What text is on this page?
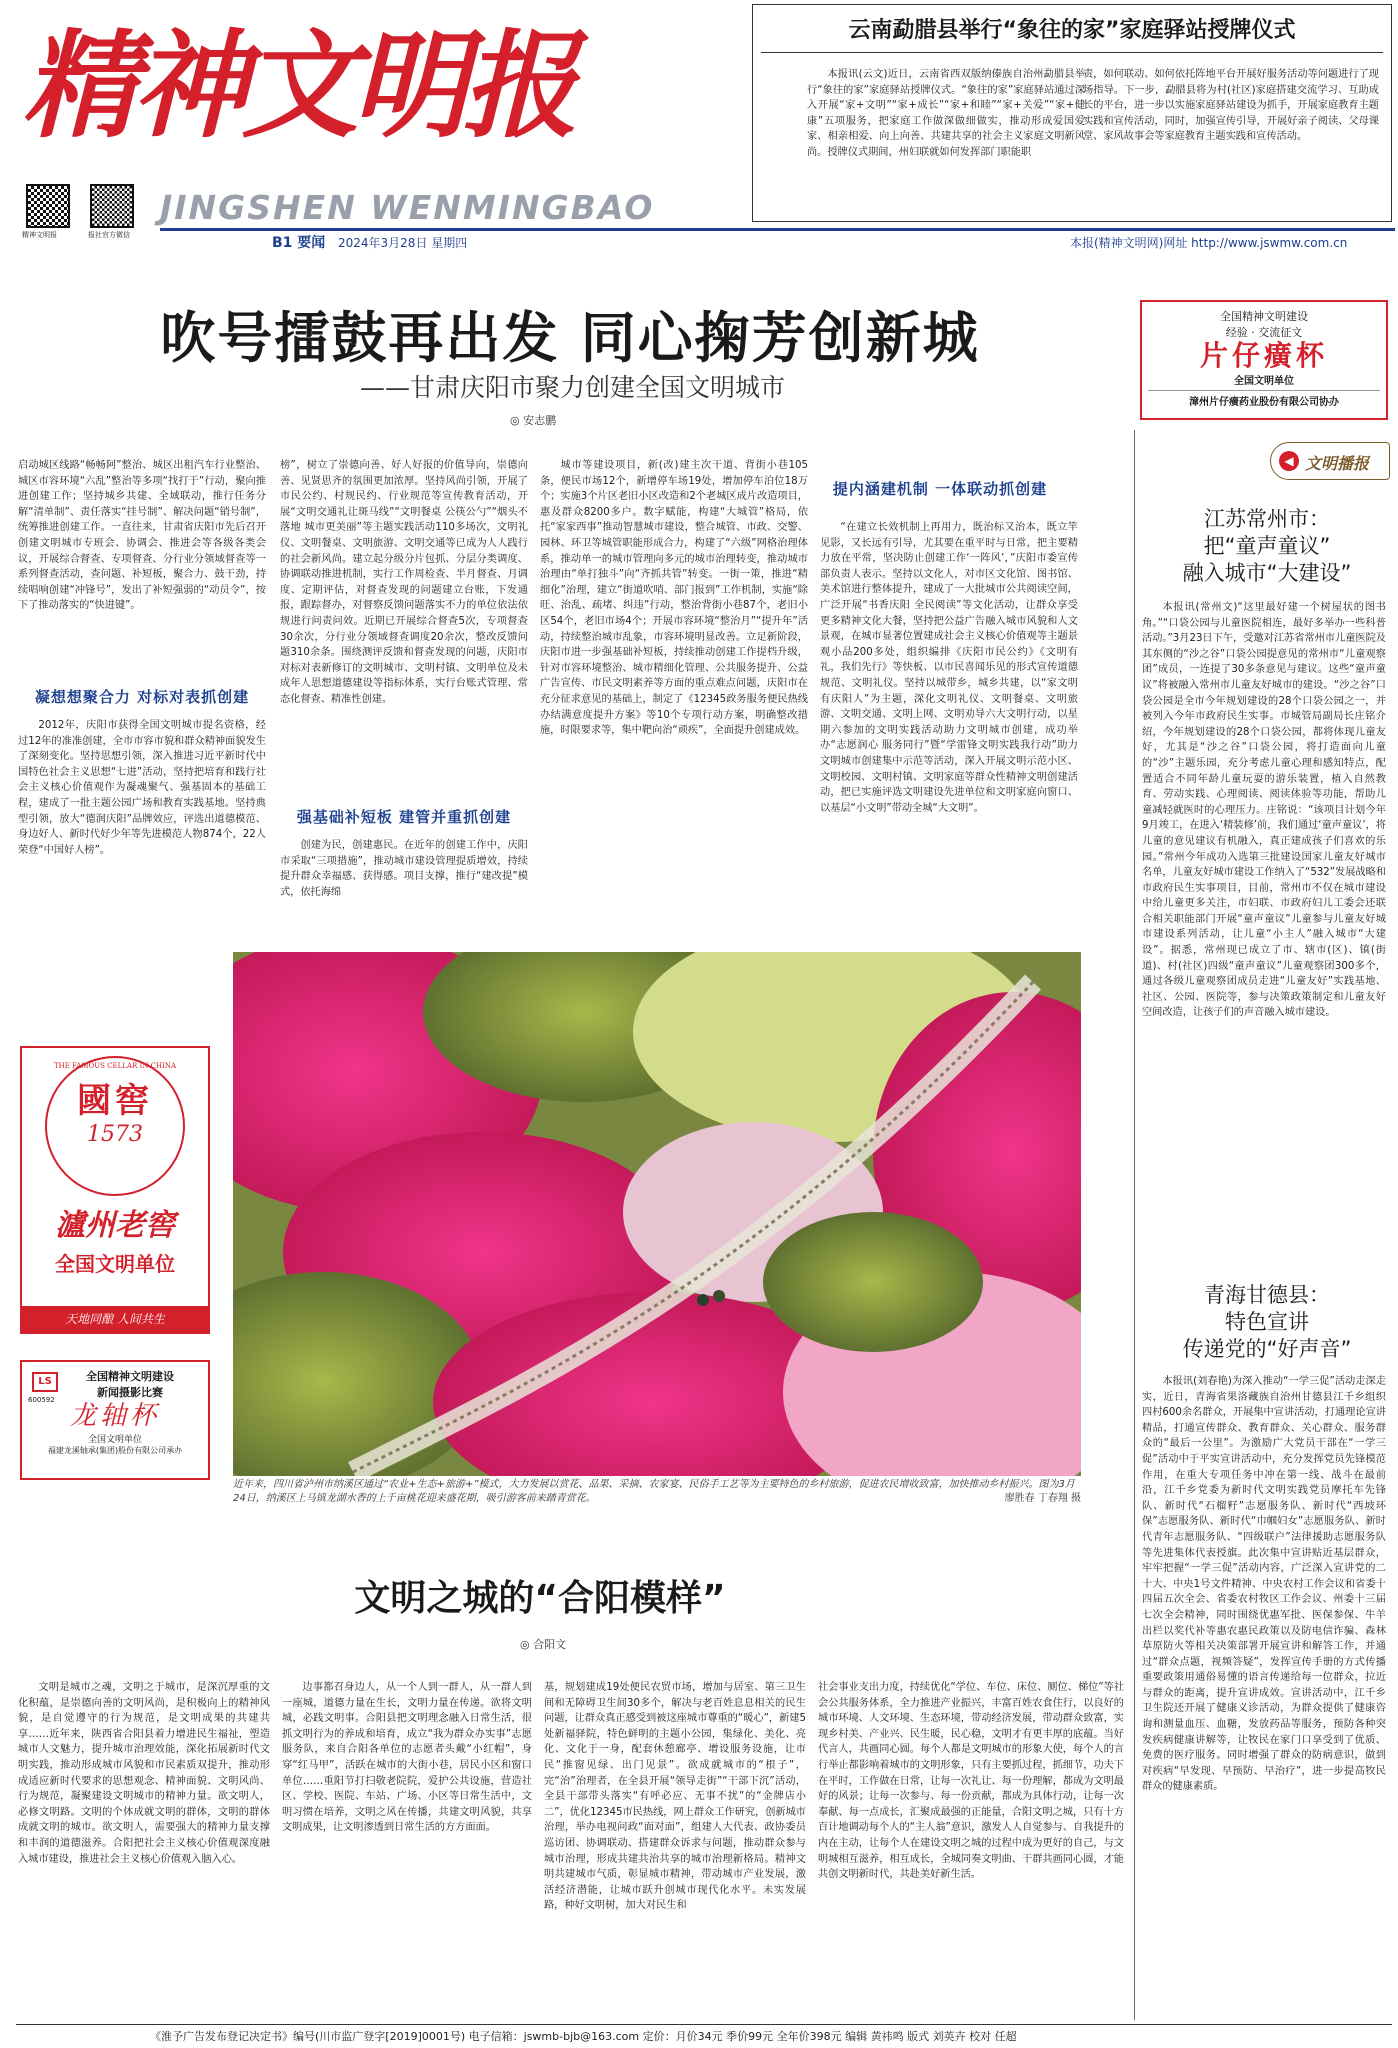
精神文明报
精神文明报	报社官方微信
JINGSHEN WENMINGBAO
B1 要闻 2024年3月28日 星期四	本报(精神文明网)网址 http://www.jswmw.com.cn
云南勐腊县举行“象往的家”家庭驿站授牌仪式
本报讯(云文)近日，云南省西双版纳傣族自治州勐腊县举行“象往的家”家庭驿站授牌仪式。“象往的家”家庭驿站通过深入开展“家+文明”“家+成长”“家+和睦”“家+关爱”“家+健康”五项服务，把家庭工作做深做细做实，推动形成爱国爱家、相亲相爱、向上向善、共建共享的社会主义家庭文明新风尚。授牌仪式期间，州妇联就如何发挥部门职能职
责，如何联动、如何依托阵地平台开展好服务活动等问题进行了现场指导。下一步，勐腊县将为村(社区)家庭搭建交流学习、互助成长的平台，进一步以实施家庭驿站建设为抓手，开展家庭教育主题实践和宣传活动，同时，加强宣传引导，开展好亲子阅读、父母课堂、家风故事会等家庭教育主题实践和宣传活动。
吹号擂鼓再出发 同心掬芳创新城
——甘肃庆阳市聚力创建全国文明城市
◎ 安志鹏
全国精神文明建设
经验 · 交流征文
片仔癀杯
全国文明单位
漳州片仔癀药业股份有限公司协办
启动城区线路“畅畅阿”整治、城区出租汽车行业整治、城区市容环境“六乱”整治等多项“找打于”行动，聚向推进创建工作；坚持城乡共建、全域联动，推行任务分解“清单制”、责任落实“挂号制”、解决问题“销号制”，统筹推进创建工作。一直往来，甘肃省庆阳市先后召开创建文明城市专班会、协调会、推进会等各级各类会议，开展综合督查、专项督查、分行业分领域督查等一系列督查活动，查问题、补短板，聚合力、鼓干劲，持续唱响创建“冲锋号”，发出了补短强弱的“动员令”，按下了推动落实的“快进键”。
凝想想聚合力 对标对表抓创建
2012年，庆阳市获得全国文明城市提名资格，经过12年的准准创建，全市市容市貌和群众精神面貌发生了深刻变化。坚持思想引领，深入推进习近平新时代中国特色社会主义思想“七进”活动，坚持把培育和践行社会主义核心价值观作为凝魂聚气、强基固本的基础工程，建成了一批主题公园广场和教育实践基地。坚持典型引领，放大“德润庆阳”品牌效应，评选出道德模范、身边好人、新时代好少年等先进模范人物874个，22人荣登“中国好人榜”。
榜”，树立了崇德向善、好人好报的价值导向，崇德向善、见贤思齐的氛围更加浓厚。坚持风尚引领，开展了市民公约、村规民约、行业规范等宣传教育活动，开展“文明交通礼让斑马线”“文明餐桌 公筷公勺”“烟头不落地 城市更美丽”等主题实践活动110多场次，文明礼仪、文明餐桌、文明旅游、文明交通等已成为人人践行的社会新风尚。建立起分级分片包抓、分层分类调度、协调联动推进机制，实行工作周检查、半月督查、月调度、定期评估，对督查发现的问题建立台账，下发通报，跟踪督办，对督察反馈问题落实不力的单位依法依规进行问责问效。近期已开展综合督查5次，专项督查30余次，分行业分领域督查调度20余次，整改反馈问题310余条。围绕测评反馈和督查发现的问题，庆阳市对标对表新修订的文明城市、文明村镇、文明单位及未成年人思想道德建设等指标体系，实行台账式管理、常态化督查、精准性创建。
强基础补短板 建管并重抓创建
创建为民，创建惠民。在近年的创建工作中，庆阳市采取“三项措施”，推动城市建设管理提质增效，持续提升群众幸福感、获得感。项目支撑，推行“建改提”模式，依托海绵
城市等建设项目，新(改)建主次干道、背街小巷105条，便民市场12个，新增停车场19处，增加停车泊位18万个；实施3个片区老旧小区改造和2个老城区成片改造项目，惠及群众8200多户。数字赋能，构建“大城管”格局，依托“家家西事”推动智慧城市建设，整合城管、市政、交警、园林、环卫等城管职能形成合力，构建了“六级”网格治理体系，推动单一的城市管理向多元的城市治理转变，推动城市治理由“单打独斗”向“齐抓共管”转变。一街一策，推进“精细化”治理，建立“街道吹哨、部门报到”工作机制，实施“除旺、治乱、疏堵、纠违”行动，整治背街小巷87个，老旧小区54个，老旧市场4个；开展市容环境“整治月”“提升年”活动，持续整治城市乱象，市容环境明显改善。立足新阶段，庆阳市进一步强基础补短板，持续推动创建工作提档升级，针对市容环境整治、城市精细化管理、公共服务提升、公益广告宣传、市民文明素养等方面的重点难点问题，庆阳市在充分征求意见的基础上，制定了《12345政务服务便民热线办结满意度提升方案》等10个专项行动方案，明确整改措施，时限要求等，集中靶向治“顽疾”，全面提升创建成效。
提内涵建机制 一体联动抓创建
“在建立长效机制上再用力，既治标又治本，既立竿见影，又长远有引导，尤其要在重平时与日常，把主要精力放在平常，坚决防止创建工作‘一阵风’，”庆阳市委宣传部负责人表示。坚持以文化人，对市区文化馆、图书馆、美术馆进行整体提升，建成了一大批城市公共阅读空间，广泛开展“书香庆阳 全民阅读”等文化活动，让群众享受更多精神文化大餐，坚持把公益广告融入城市风貌和人文景观，在城市显著位置建成社会主义核心价值观等主题景观小品200多处，组织编排《庆阳市民公约》《文明有礼，我们先行》等快板、以市民喜闻乐见的形式宣传道德规范、文明礼仪。坚持以城带乡，城乡共建，以“家文明有庆阳人”为主题，深化文明礼仪、文明餐桌、文明旅游、文明交通、文明上网、文明劝导六大文明行动，以星期六参加的文明实践活动助力文明城市创建，成功举办“志愿润心 服务同行”暨“学雷锋文明实践我行动”助力文明城市创建集中示范等活动，深入开展文明示范小区、文明校园、文明村镇、文明家庭等群众性精神文明创建活动，把已实施评选文明建设先进单位和文明家庭向窗口、以基层“小文明”带动全城“大文明”。
◀ 文明播报
江苏常州市：
把“童声童议”
融入城市“大建设”
本报讯(常州文)“这里最好建一个树屋状的图书角。”“口袋公园与儿童医院相连，最好多举办一些科普活动。”3月23日下午，受邀对江苏省常州市儿童医院及其东侧的“沙之谷”口袋公园提意见的常州市“儿童观察团”成员，一连提了30多条意见与建议。这些“童声童议”将被融入常州市儿童友好城市的建设。“沙之谷”口袋公园是全市今年规划建设的28个口袋公园之一，并被列入今年市政府民生实事。市城管局副局长庄铭介绍，今年规划建设的28个口袋公园，都将体现儿童友好，尤其是“沙之谷”口袋公园，将打造面向儿童的“沙”主题乐园，充分考虑儿童心理和感知特点，配置适合不同年龄儿童玩耍的游乐装置，植入自然教育、劳动实践、心理阅读、阅读体验等功能，帮助儿童减轻就医时的心理压力。庄铭说：“该项目计划今年9月竣工，在进入‘精装修’前，我们通过‘童声童议’，将儿童的意见建议有机融入，真正建成孩子们喜欢的乐园。”常州今年成功入选第三批建设国家儿童友好城市名单，儿童友好城市建设工作纳入了“532”发展战略和市政府民生实事项目，目前，常州市不仅在城市建设中给儿童更多关注，市妇联、市政府妇儿工委会还联合相关职能部门开展“童声童议”儿童参与儿童友好城市建设系列活动，让儿童“小主人”融入城市“大建设”。据悉，常州现已成立了市、辖市(区)、镇(街道)、村(社区)四级“童声童议”儿童观察团300多个，通过各级儿童观察团成员走进“儿童友好”实践基地、社区、公园、医院等，参与决策政策制定和儿童友好空间改造，让孩子们的声音融入城市建设。
青海甘德县：
特色宣讲
传递党的“好声音”
本报讯(刘春艳)为深入推动“一学三促”活动走深走实，近日，青海省果洛藏族自治州甘德县江千乡组织四村600余名群众，开展集中宣讲活动，打通理论宣讲精品，打通宣传群众、教育群众、关心群众、服务群众的“最后一公里”。为激励广大党员干部在“一学三促”活动中于平实宣讲活动中，充分发挥党员先锋模范作用，在重大专项任务中冲在第一线、战斗在最前沿，江千乡党委为新时代文明实践党员摩托车先锋队、新时代“石榴籽”志愿服务队、新时代“西坡环保”志愿服务队、新时代“巾帼妇女”志愿服务队、新时代青年志愿服务队、“四级联户”法律援助志愿服务队等先进集体代表授旗。此次集中宣讲贴近基层群众，牢牢把握“一学三促”活动内容，广泛深入宣讲党的二十大、中央1号文件精神、中央农村工作会议和省委十四届五次全会、省委农村牧区工作会议、州委十三届七次全会精神，同时围绕优惠军批、医保参保、牛羊出栏以奖代补等惠农惠民政策以及防电信诈骗、森林草原防火等相关决策部署开展宣讲和解答工作，并通过“群众点题，视频答疑”，发挥宣传手册的方式传播重要政策用通俗易懂的语言传递给每一位群众，拉近与群众的距离，提升宣讲成效。宣讲活动中，江千乡卫生院还开展了健康义诊活动，为群众提供了健康咨询和测量血压、血糖，发放药品等服务，预防各种突发疾病健康讲解等，让牧民在家门口享受到了优质、免费的医疗服务。同时增强了群众的防病意识，做到对疾病“早发现、早预防、早治疗”，进一步提高牧民群众的健康素质。
THE FAMOUS CELLAR IN CHINA
國窖
1573
瀘州老窖
全国文明单位
天地同酿 人间共生
LS
600592
全国精神文明建设
新闻摄影比赛
龙轴杯
全国文明单位
福建龙溪轴承(集团)股份有限公司承办
近年来，四川省泸州市纳溪区通过“农业+生态+旅游+”模式，大力发展以赏花、品果、采摘、农家宴、民俗手工艺等为主要特色的乡村旅游，促进农民增收致富，加快推动乡村振兴。图为3月24日，纳溪区上马镇龙湖水香的上千亩桃花迎来盛花期，吸引游客前来踏青赏花。	廖胜春 丁春翔 摄
文明之城的“合阳模样”
◎ 合阳文
文明是城市之魂，文明之于城市，是深沉厚重的文化积蕴，是崇德向善的文明风尚，是积极向上的精神风貌，是自觉遵守的行为规范，是文明成果的共建共享……近年来，陕西省合阳县着力增进民生福祉，塑造城市人文魅力，提升城市治理效能，深化拓展新时代文明实践，推动形成城市风貌和市民素质双提升，推动形成适应新时代要求的思想观念、精神面貌、文明风尚、行为规范，凝聚建设文明城市的精神力量。欲文明人，必修文明路。文明的个体成就文明的群体，文明的群体成就文明的城市。欲文明人，需要强大的精神力量支撑和丰润的道德滋养。合阳把社会主义核心价值观深度融入城市建设，推进社会主义核心价值观入脑入心。
边事都召身边人，从一个人到一群人，从一群人到一座城，道德力量在生长，文明力量在传递。欲将文明城，必践文明事。合阳县把文明理念融入日常生活，很抓文明行为的养成和培育，成立“我为群众办实事”志愿服务队，来自合阳各单位的志愿者头戴“小红帽”，身穿“红马甲”，活跃在城市的大街小巷，居民小区和窗口单位……重阳节打扫敬老院院，爱护公共设施，营造社区、学校、医院、车站、广场、小区等日常生活中，文明习惯在培养，文明之风在传播，共建文明风貌，共享文明成果，让文明渗透到日常生活的方方面面。
基，规划建成19处便民农贸市场，增加与居室、第三卫生间和无障碍卫生间30多个，解决与老百姓息息相关的民生问题，让群众真正感受到被这座城市尊重的“暖心”，新建5处新福驿院，特色鲜明的主题小公园，集绿化、美化、亮化、文化于一身，配套休憩廊亭、增设服务设施，让市民“推窗见绿、出门见景”。欲成就城市的“根子”，完“治”治理者，在全县开展“领导走街”“干部下沉”活动，全县干部带头落实“有呼必应、无事不扰”的“金牌店小二”，优化12345市民热线，网上群众工作研究，创新城市治理，举办电视问政“面对面”，组建人大代表、政协委员巡访团、协调联动、搭建群众诉求与问题，推动群众参与城市治理，形成共建共治共享的城市治理新格局。精神文明共建城市气质，彰显城市精神，带动城市产业发展，激活经济潜能，让城市跃升创城市现代化水平。未实发展路，种好文明树，加大对民生和
社会事业支出力度，持续优化“学位、车位、床位、厕位、梯位”等社会公共服务体系，全力推进产业振兴，丰富百姓农食住行，以良好的城市环境、人文环境、生态环境，带动经济发展，带动群众致富，实现乡村美、产业兴、民生暖，民心稳，文明才有更丰厚的底蕴。当好代言人，共画同心圆。每个人都是文明城市的形象大使，每个人的言行举止都影响着城市的文明形象，只有主要抓过程，抓细节，功夫下在平时，工作做在日常，让每一次礼让、每一份理解，都成为文明最好的风景；让每一次参与、每一份贡献，都成为具体行动，让每一次奉献、每一点成长，汇聚成最强的正能量，合阳文明之城，只有十方百计地调动每个人的“主人翁”意识，激发人人自觉参与、自我提升的内在主动，让每个人在建设文明之城的过程中成为更好的自己，与文明城相互滋养，相互成长，全城同奏文明曲、干群共画同心圆，才能共创文明新时代，共赴美好新生活。
《淮予广告发布登记决定书》编号(川市监广登字[2019]0001号) 电子信箱：jswmb-bjb@163.com 定价：月价34元 季价99元 全年价398元 编辑 黄祎鸣 版式 刘英卉 校对 任超
